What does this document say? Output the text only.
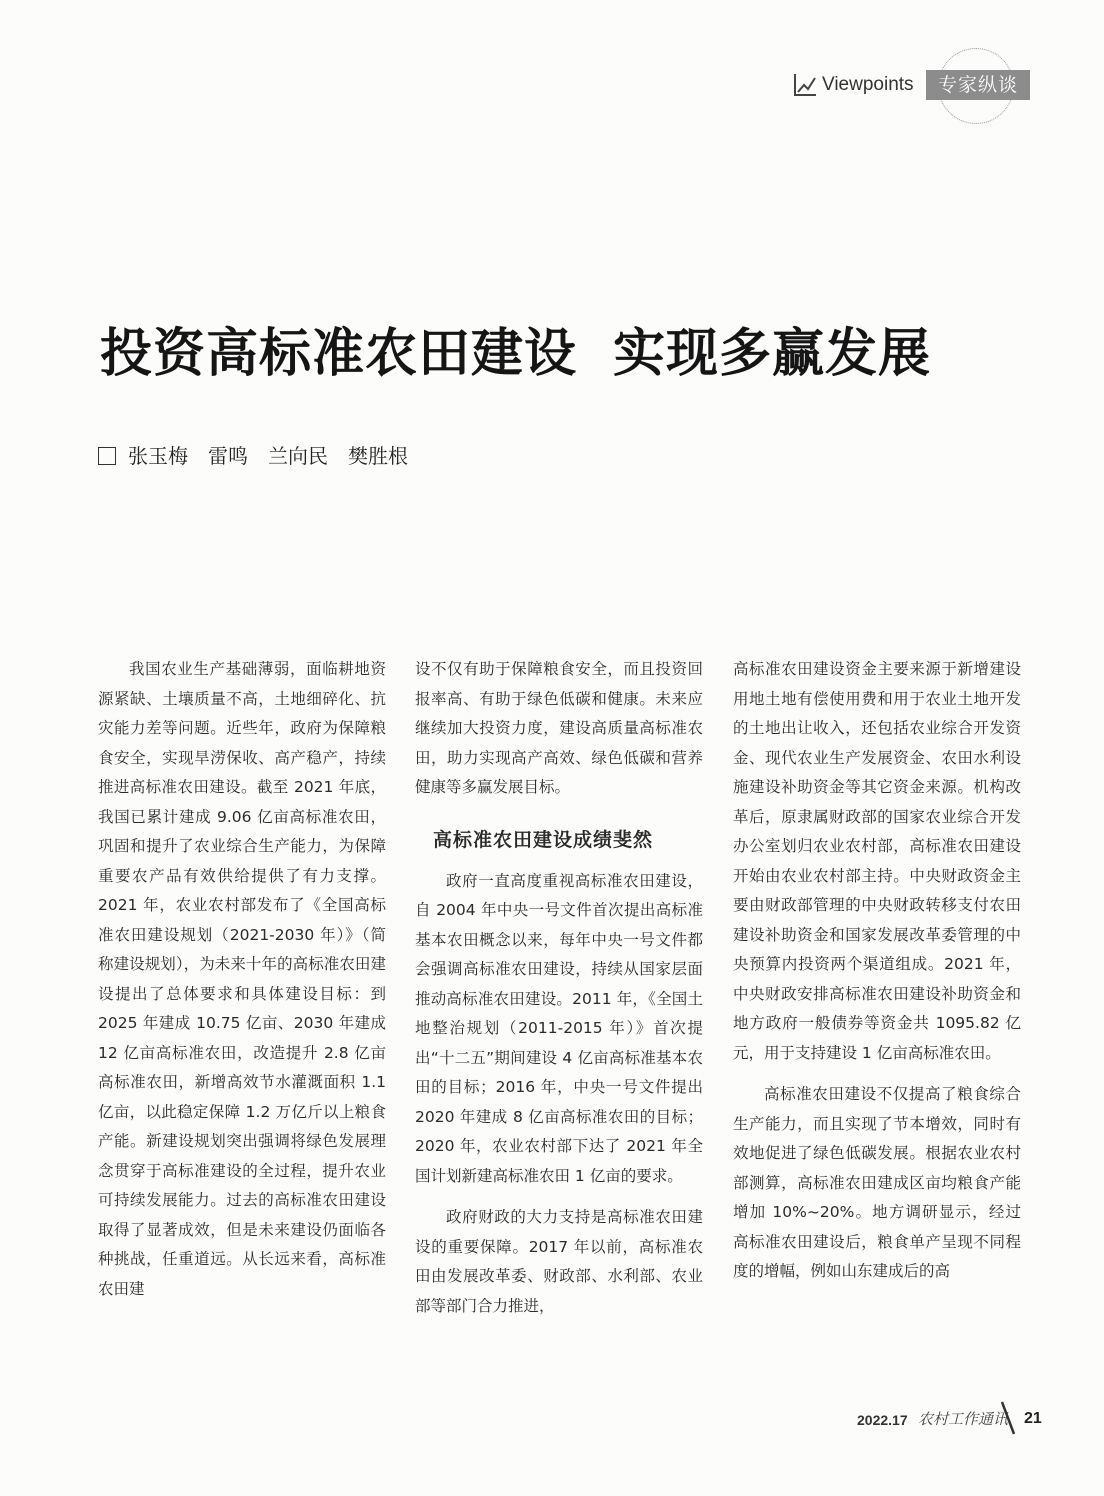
Viewpoints	专家纵谈
投资高标准农田建设 实现多赢发展
张玉梅 雷鸣 兰向民 樊胜根

我国农业生产基础薄弱，面临耕地资源紧缺、土壤质量不高，土地细碎化、抗灾能力差等问题。近些年，政府为保障粮食安全，实现旱涝保收、高产稳产，持续推进高标准农田建设。截至 2021 年底，我国已累计建成 9.06 亿亩高标准农田，巩固和提升了农业综合生产能力，为保障重要农产品有效供给提供了有力支撑。2021 年，农业农村部发布了《全国高标准农田建设规划（2021-2030 年）》（简称建设规划），为未来十年的高标准农田建设提出了总体要求和具体建设目标：到 2025 年建成 10.75 亿亩、2030 年建成 12 亿亩高标准农田，改造提升 2.8 亿亩高标准农田，新增高效节水灌溉面积 1.1 亿亩，以此稳定保障 1.2 万亿斤以上粮食产能。新建设规划突出强调将绿色发展理念贯穿于高标准建设的全过程，提升农业可持续发展能力。过去的高标准农田建设取得了显著成效，但是未来建设仍面临各种挑战，任重道远。从长远来看，高标准农田建

设不仅有助于保障粮食安全，而且投资回报率高、有助于绿色低碳和健康。未来应继续加大投资力度，建设高质量高标准农田，助力实现高产高效、绿色低碳和营养健康等多赢发展目标。

高标准农田建设成绩斐然

政府一直高度重视高标准农田建设，自 2004 年中央一号文件首次提出高标准基本农田概念以来，每年中央一号文件都会强调高标准农田建设，持续从国家层面推动高标准农田建设。2011 年，《全国土地整治规划（2011-2015 年）》首次提出“十二五”期间建设 4 亿亩高标准基本农田的目标；2016 年，中央一号文件提出 2020 年建成 8 亿亩高标准农田的目标；2020 年，农业农村部下达了 2021 年全国计划新建高标准农田 1 亿亩的要求。

政府财政的大力支持是高标准农田建设的重要保障。2017 年以前，高标准农田由发展改革委、财政部、水利部、农业部等部门合力推进，

高标准农田建设资金主要来源于新增建设用地土地有偿使用费和用于农业土地开发的土地出让收入，还包括农业综合开发资金、现代农业生产发展资金、农田水利设施建设补助资金等其它资金来源。机构改革后，原隶属财政部的国家农业综合开发办公室划归农业农村部，高标准农田建设开始由农业农村部主持。中央财政资金主要由财政部管理的中央财政转移支付农田建设补助资金和国家发展改革委管理的中央预算内投资两个渠道组成。2021 年，中央财政安排高标准农田建设补助资金和地方政府一般债券等资金共 1095.82 亿元，用于支持建设 1 亿亩高标准农田。

高标准农田建设不仅提高了粮食综合生产能力，而且实现了节本增效，同时有效地促进了绿色低碳发展。根据农业农村部测算，高标准农田建成区亩均粮食产能增加 10%~20%。地方调研显示，经过高标准农田建设后，粮食单产呈现不同程度的增幅，例如山东建成后的高

2022.17 农村工作通讯 21
